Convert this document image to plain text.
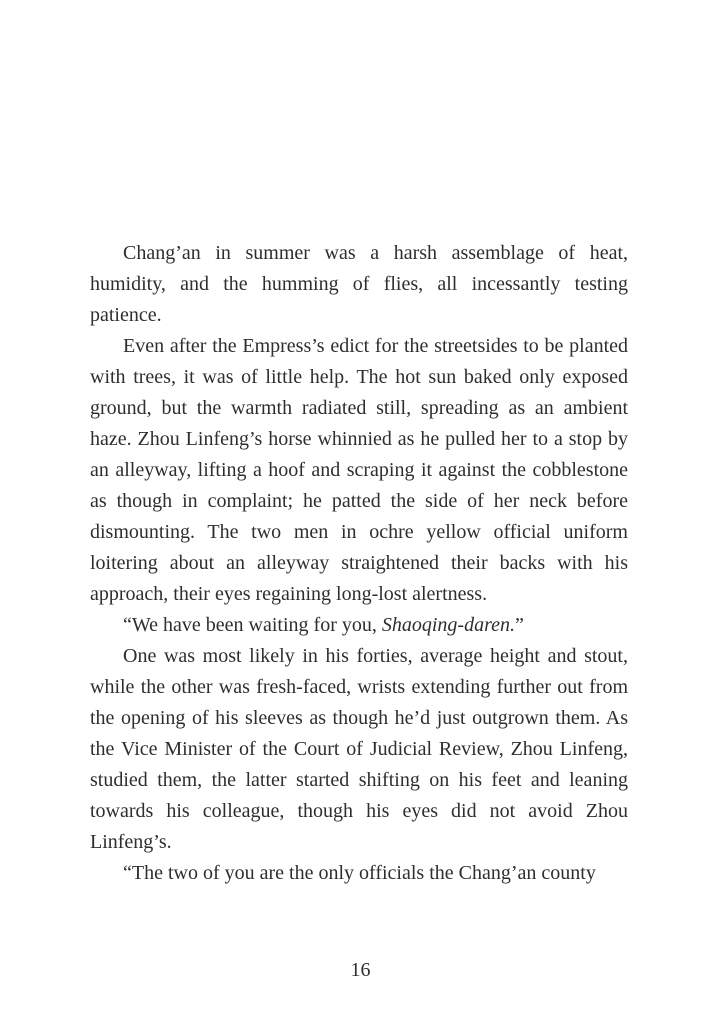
Chang’an in summer was a harsh assemblage of heat, humidity, and the humming of flies, all incessantly testing patience.

Even after the Empress’s edict for the streetsides to be planted with trees, it was of little help. The hot sun baked only exposed ground, but the warmth radiated still, spreading as an ambient haze. Zhou Linfeng’s horse whinnied as he pulled her to a stop by an alleyway, lifting a hoof and scraping it against the cobblestone as though in complaint; he patted the side of her neck before dismounting. The two men in ochre yellow official uniform loitering about an alleyway straightened their backs with his approach, their eyes regaining long-lost alertness.

“We have been waiting for you, Shaoqing-daren.”

One was most likely in his forties, average height and stout, while the other was fresh-faced, wrists extending further out from the opening of his sleeves as though he’d just outgrown them. As the Vice Minister of the Court of Judicial Review, Zhou Linfeng, studied them, the latter started shifting on his feet and leaning towards his colleague, though his eyes did not avoid Zhou Linfeng’s.

“The two of you are the only officials the Chang’an county

16
